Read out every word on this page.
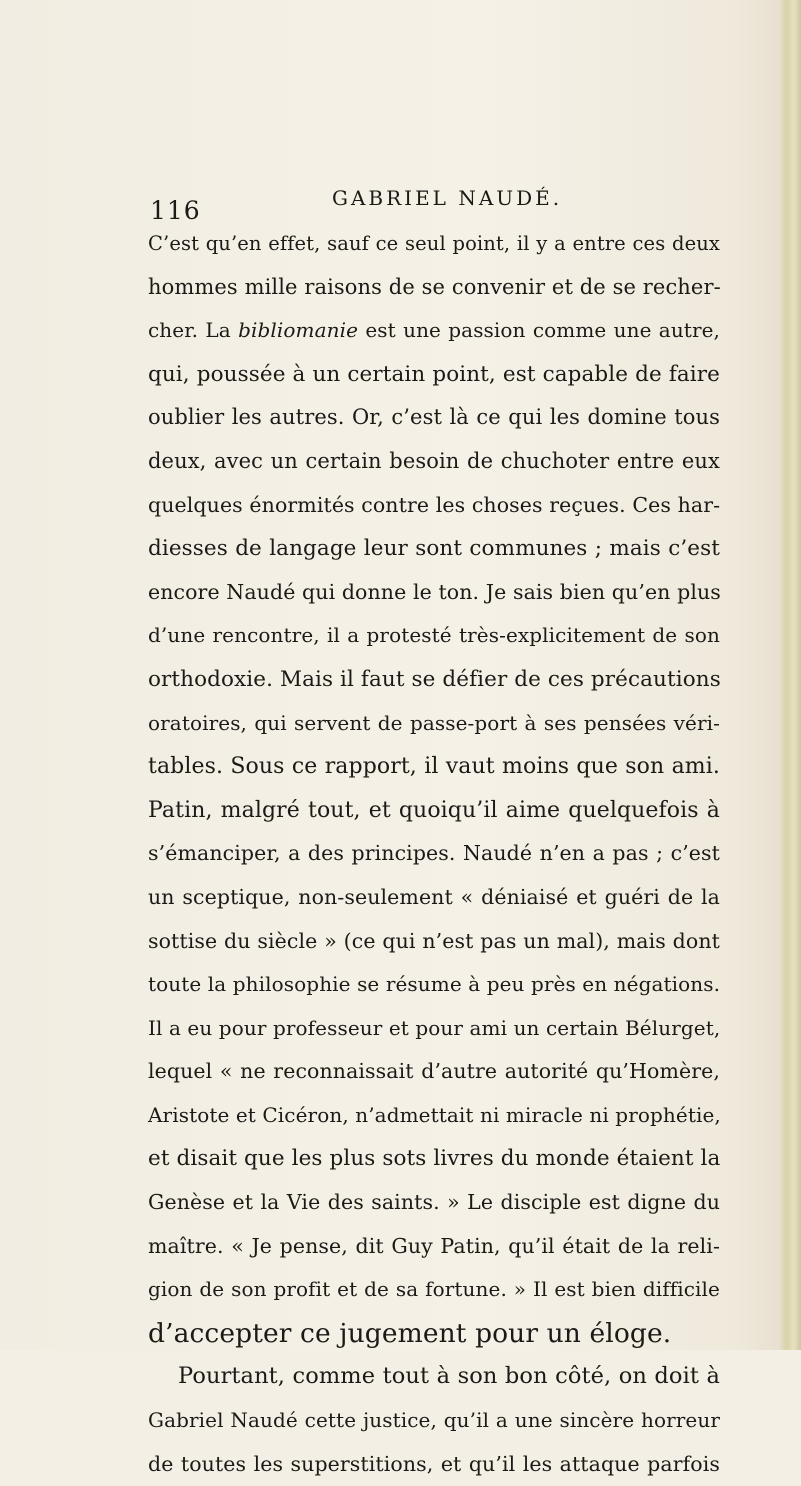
116	GABRIEL NAUDÉ.
C’est qu’en effet, sauf ce seul point, il y a entre ces deux
hommes mille raisons de se convenir et de se recher-
cher. La bibliomanie est une passion comme une autre,
qui, poussée à un certain point, est capable de faire
oublier les autres. Or, c’est là ce qui les domine tous
deux, avec un certain besoin de chuchoter entre eux
quelques énormités contre les choses reçues. Ces har-
diesses de langage leur sont communes ; mais c’est
encore Naudé qui donne le ton. Je sais bien qu’en plus
d’une rencontre, il a protesté très-explicitement de son
orthodoxie. Mais il faut se défier de ces précautions
oratoires, qui servent de passe-port à ses pensées véri-
tables. Sous ce rapport, il vaut moins que son ami.
Patin, malgré tout, et quoiqu’il aime quelquefois à
s’émanciper, a des principes. Naudé n’en a pas ; c’est
un sceptique, non-seulement « déniaisé et guéri de la
sottise du siècle » (ce qui n’est pas un mal), mais dont
toute la philosophie se résume à peu près en négations.
Il a eu pour professeur et pour ami un certain Bélurget,
lequel « ne reconnaissait d’autre autorité qu’Homère,
Aristote et Cicéron, n’admettait ni miracle ni prophétie,
et disait que les plus sots livres du monde étaient la
Genèse et la Vie des saints. » Le disciple est digne du
maître. « Je pense, dit Guy Patin, qu’il était de la reli-
gion de son profit et de sa fortune. » Il est bien difficile
d’accepter ce jugement pour un éloge.
Pourtant, comme tout à son bon côté, on doit à
Gabriel Naudé cette justice, qu’il a une sincère horreur
de toutes les superstitions, et qu’il les attaque parfois
